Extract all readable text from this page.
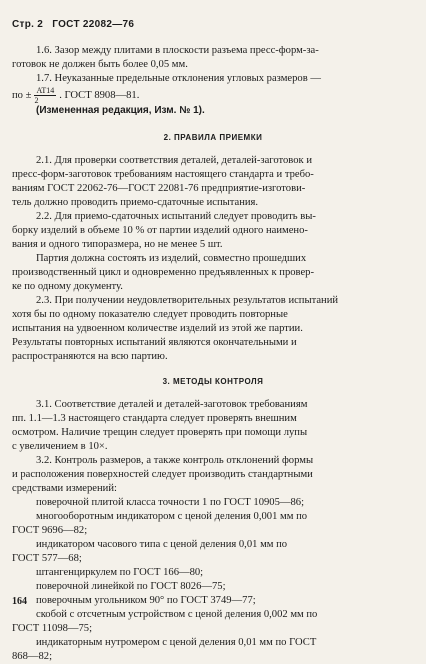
Стр. 2 ГОСТ 22082—76
1.6. Зазор между плитами в плоскости разъема пресс-форм-за-
готовок не должен быть более 0,05 мм.
1.7. Неуказанные предельные отклонения угловых размеров —
по ± $\frac{AT14}{2}$ . ГОСТ 8908—81.
(Измененная редакция, Изм. № 1).
2. ПРАВИЛА ПРИЕМКИ
2.1. Для проверки соответствия деталей, деталей-заготовок и
пресс-форм-заготовок требованиям настоящего стандарта и требо-
ваниям ГОСТ 22062-76—ГОСТ 22081-76 предприятие-изготови-
тель должно проводить приемо-сдаточные испытания.
2.2. Для приемо-сдаточных испытаний следует проводить вы-
борку изделий в объеме 10 % от партии изделий одного наимено-
вания и одного типоразмера, но не менее 5 шт.
Партия должна состоять из изделий, совместно прошедших
производственный цикл и одновременно предъявленных к провер-
ке по одному документу.
2.3. При получении неудовлетворительных результатов испытаний
хотя бы по одному показателю следует проводить повторные
испытания на удвоенном количестве изделий из этой же партии.
Результаты повторных испытаний являются окончательными и
распространяются на всю партию.
3. МЕТОДЫ КОНТРОЛЯ
3.1. Соответствие деталей и деталей-заготовок требованиям
пп. 1.1—1.3 настоящего стандарта следует проверять внешним
осмотром. Наличие трещин следует проверять при помощи лупы
с увеличением в 10×.
3.2. Контроль размеров, а также контроль отклонений формы
и расположения поверхностей следует производить стандартными
средствами измерений:
поверочной плитой класса точности 1 по ГОСТ 10905—86;
многооборотным индикатором с ценой деления 0,001 мм по
ГОСТ 9696—82;
индикатором часового типа с ценой деления 0,01 мм по
ГОСТ 577—68;
штангенциркулем по ГОСТ 166—80;
поверочной линейкой по ГОСТ 8026—75;
поверочным угольником 90° по ГОСТ 3749—77;
скобой с отсчетным устройством с ценой деления 0,002 мм по
ГОСТ 11098—75;
индикаторным нутромером с ценой деления 0,01 мм по ГОСТ
868—82;
164
